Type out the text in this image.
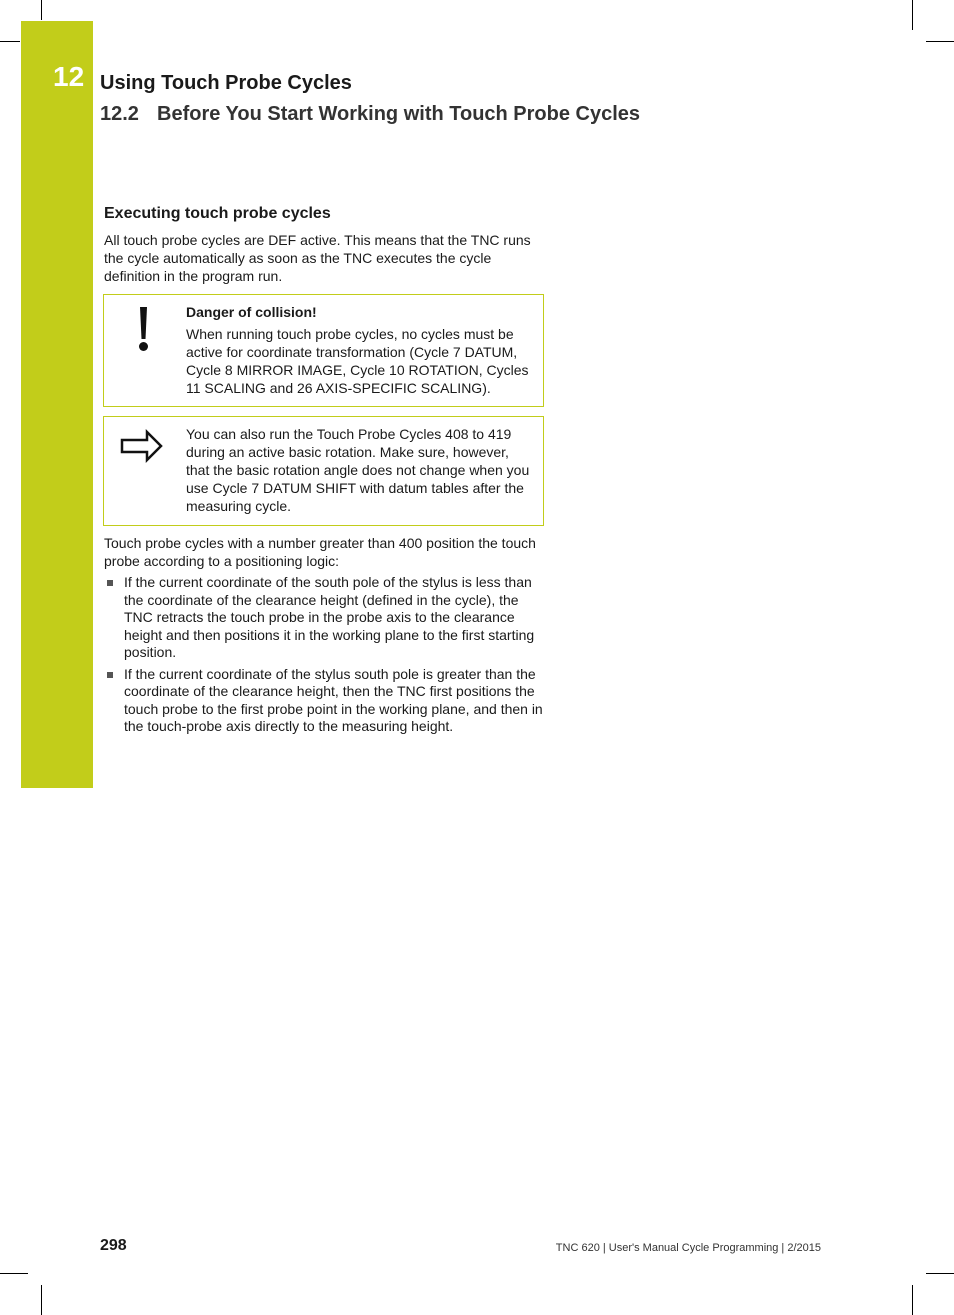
12 Using Touch Probe Cycles
12.2 Before You Start Working with Touch Probe Cycles
Executing touch probe cycles

All touch probe cycles are DEF active. This means that the TNC runs the cycle automatically as soon as the TNC executes the cycle definition in the program run.

Danger of collision!

When running touch probe cycles, no cycles must be active for coordinate transformation (Cycle 7 DATUM, Cycle 8 MIRROR IMAGE, Cycle 10 ROTATION, Cycles 11 SCALING and 26 AXIS-SPECIFIC SCALING).

You can also run the Touch Probe Cycles 408 to 419 during an active basic rotation. Make sure, however, that the basic rotation angle does not change when you use Cycle 7 DATUM SHIFT with datum tables after the measuring cycle.

Touch probe cycles with a number greater than 400 position the touch probe according to a positioning logic:

If the current coordinate of the south pole of the stylus is less than the coordinate of the clearance height (defined in the cycle), the TNC retracts the touch probe in the probe axis to the clearance height and then positions it in the working plane to the first starting position.
If the current coordinate of the stylus south pole is greater than the coordinate of the clearance height, then the TNC first positions the touch probe to the first probe point in the working plane, and then in the touch-probe axis directly to the measuring height.
298	TNC 620 | User's Manual Cycle Programming | 2/2015
